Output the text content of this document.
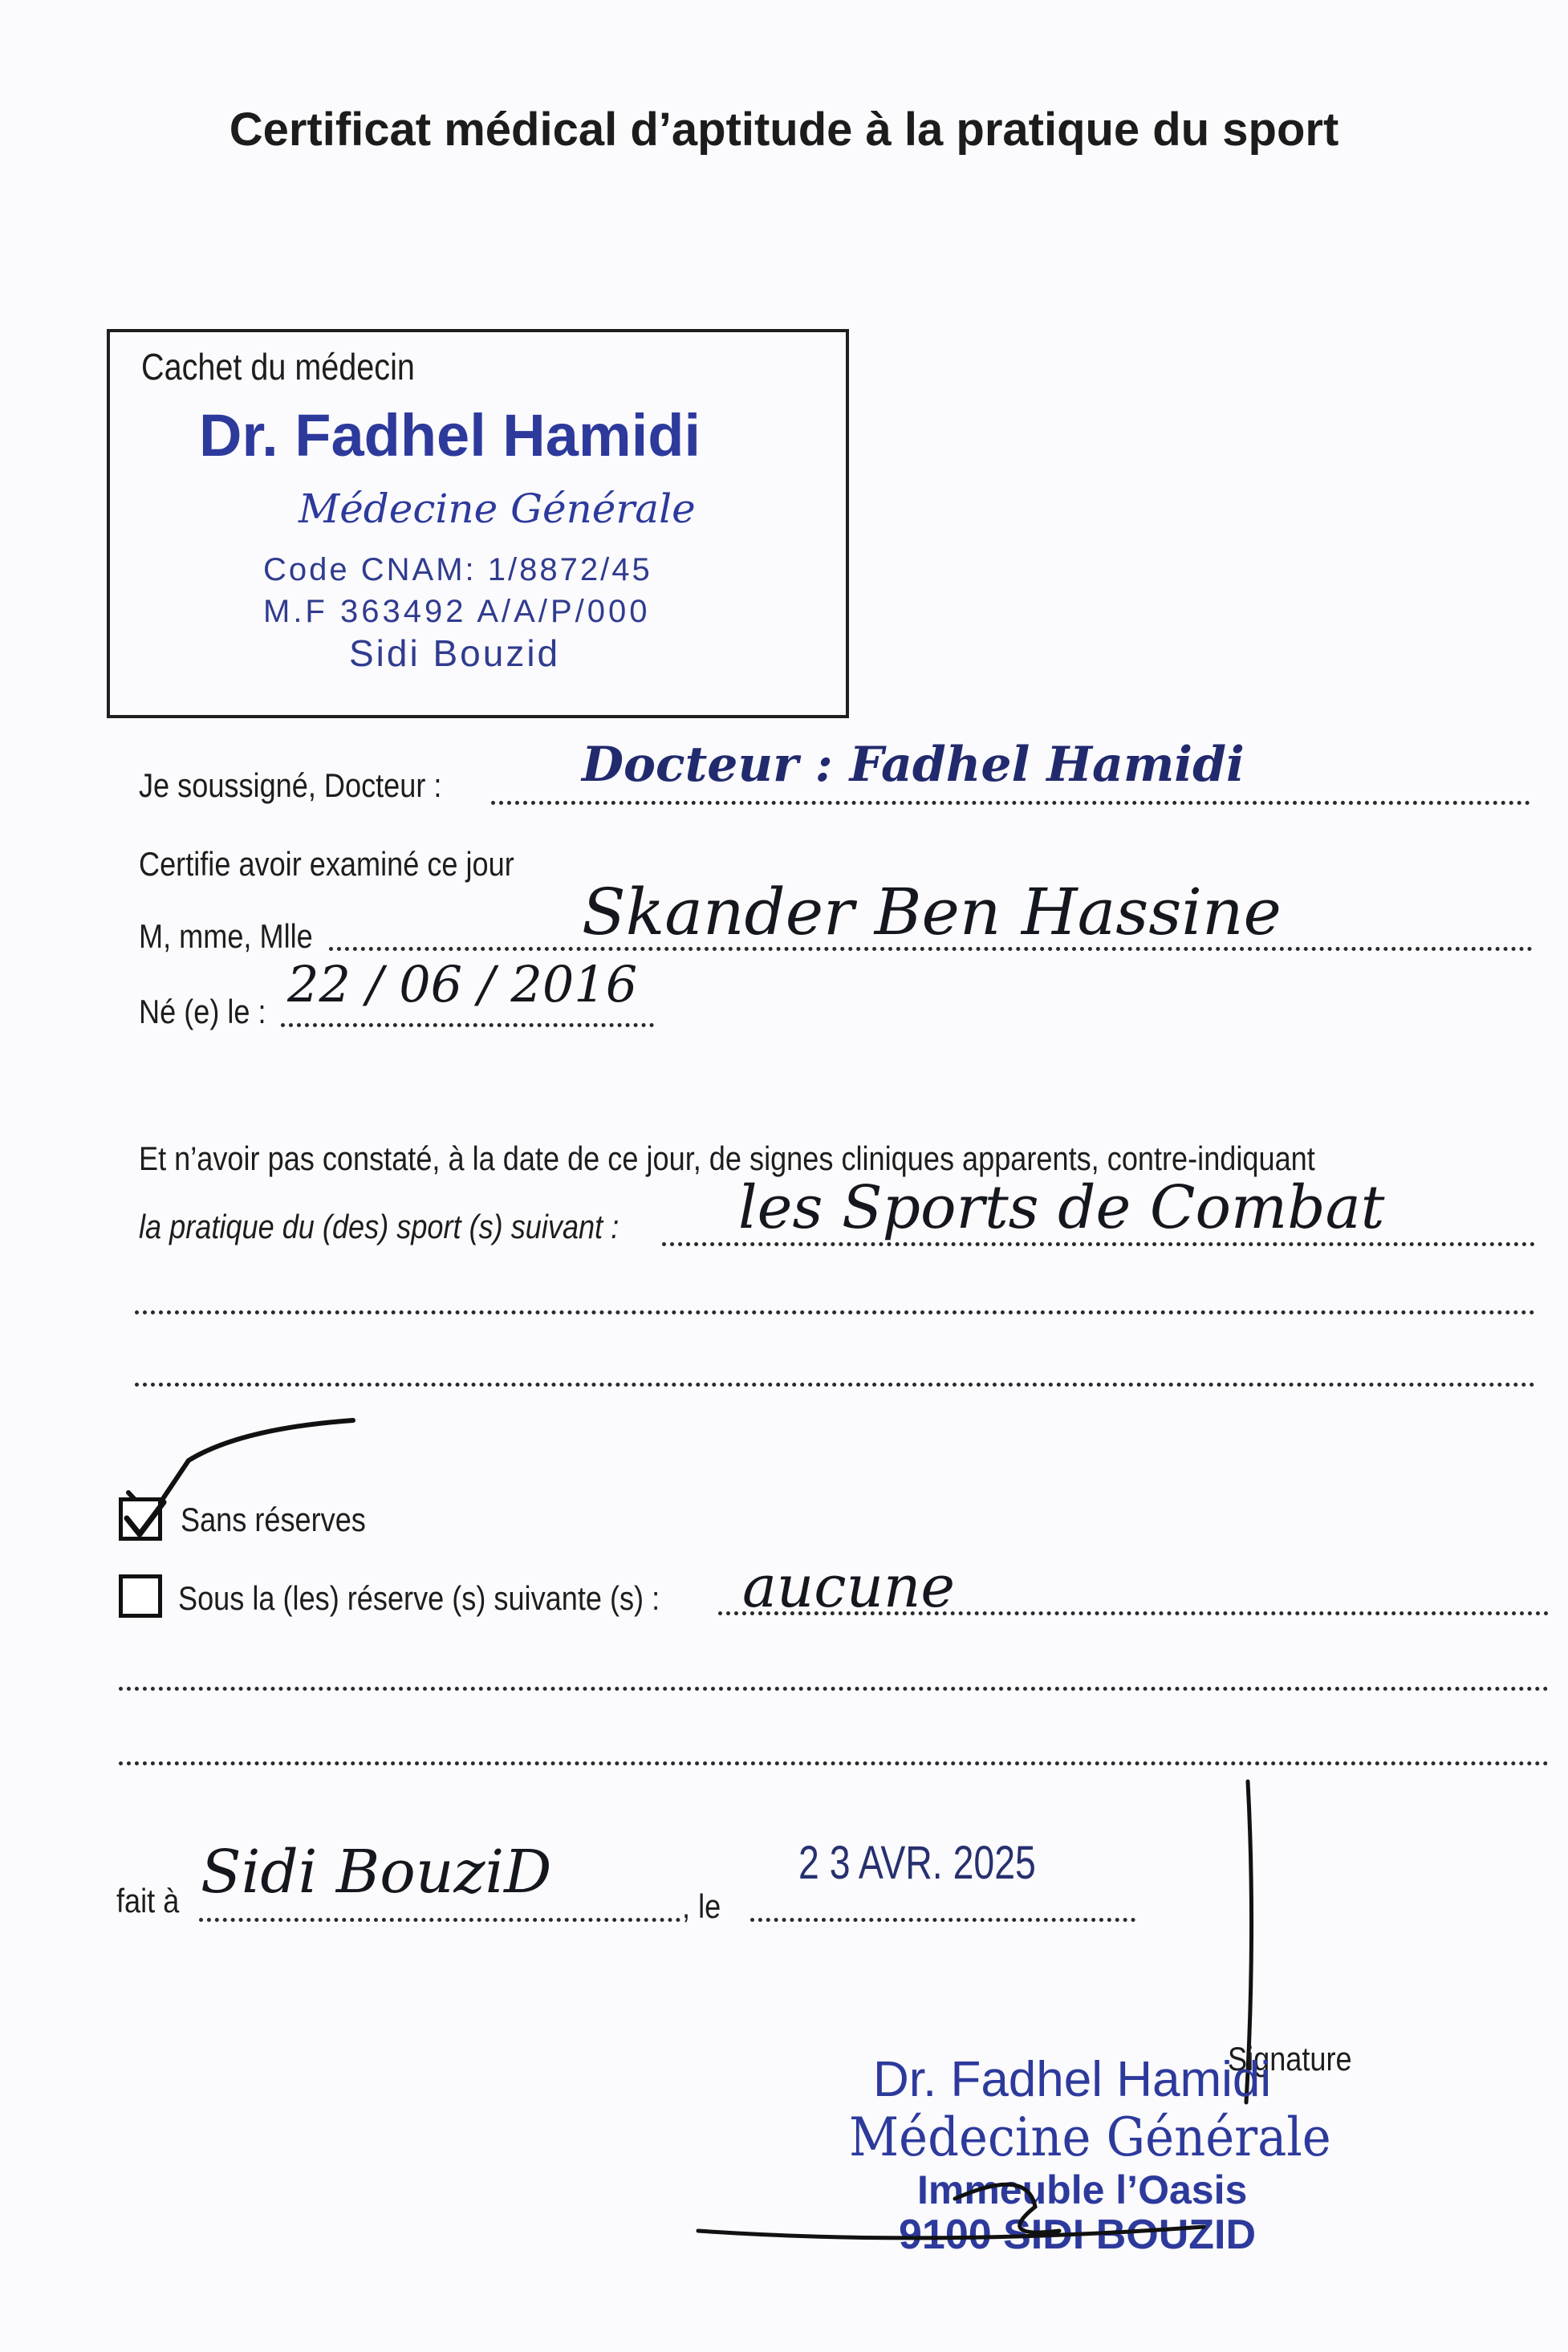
Certificat médical d’aptitude à la pratique du sport
Cachet du médecin
Dr. Fadhel Hamidi
Médecine Générale
Code CNAM: 1/8872/45
M.F 363492 A/A/P/000
Sidi Bouzid
Je soussigné, Docteur :	Docteur : Fadhel Hamidi
Certifie avoir examiné ce jour
M, mme, Mlle	Skander Ben Hassine
Né (e) le : 22 / 06 / 2016
Et n’avoir pas constaté, à la date de ce jour, de signes cliniques apparents, contre-indiquant
la pratique du (des) sport (s) suivant : les Sports de Combat
Sans réserves
Sous la (les) réserve (s) suivante (s) : aucune
fait à Sidi BouziD	, le
2 3 AVR. 2025
Signature
Dr. Fadhel Hamidi
Médecine Générale
Immeuble l’Oasis
9100 SIDI BOUZID
